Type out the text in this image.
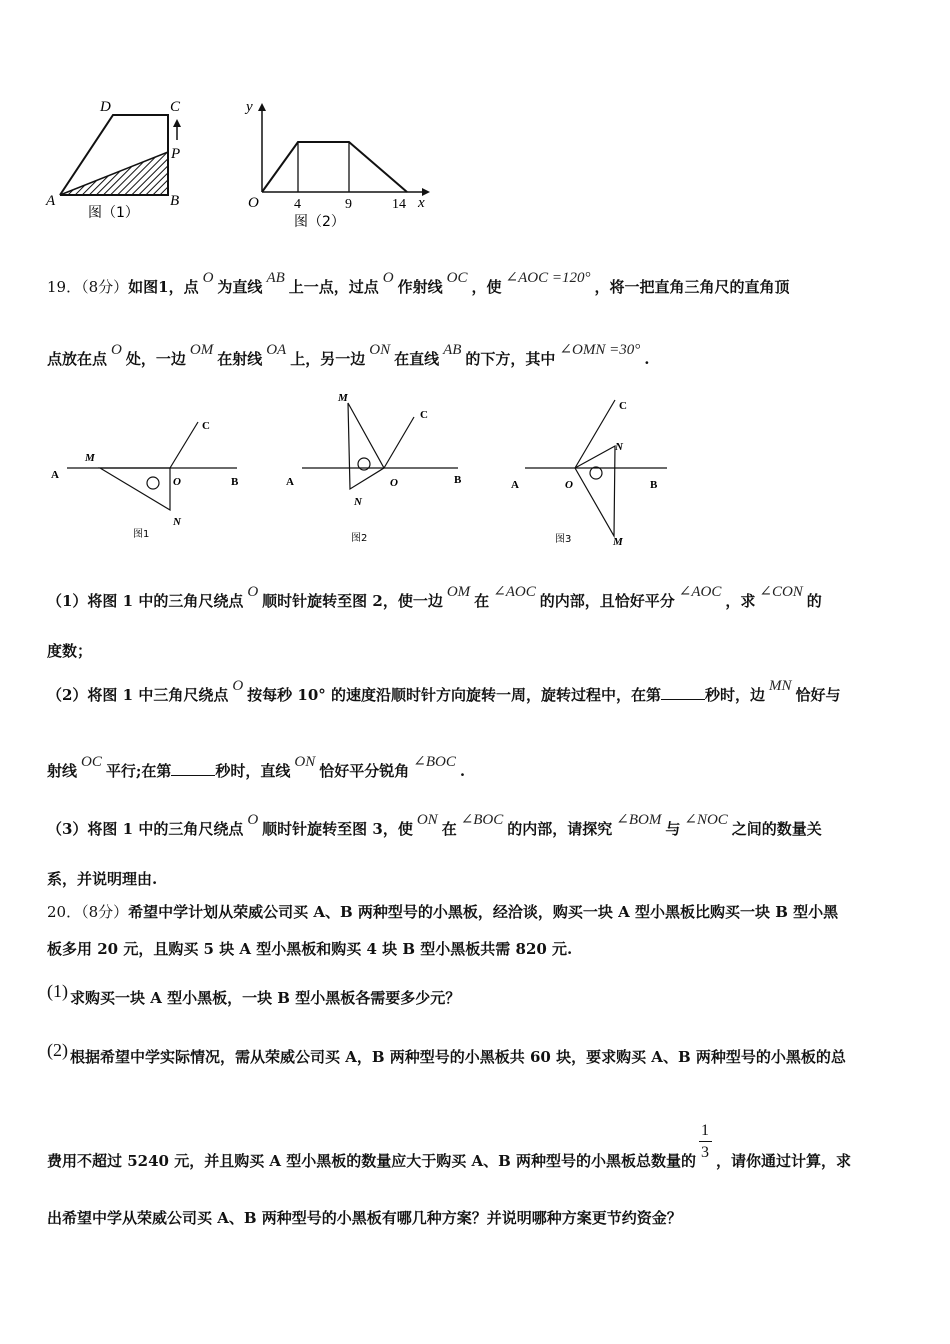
D	C
P
A	B
图（1）
y
x
O	4	9	14
图（2）
19．（8分）如图1，点 O 为直线 AB 上一点，过点 O 作射线 OC ，使 ∠AOC =120° ，将一把直角三角尺的直角顶
点放在点 O 处，一边 OM 在射线 OA 上，另一边 ON 在直线 AB 的下方，其中 ∠OMN =30° .
A
M
O	B
C
N
图1
M
C
A
N
O	B
图2
C
N
A	O	B
M
图3
（1）将图 1 中的三角尺绕点 O 顺时针旋转至图 2，使一边 OM 在 ∠AOC 的内部，且恰好平分 ∠AOC ，求 ∠CON 的
度数；
（2）将图 1 中三角尺绕点 O 按每秒 10° 的速度沿顺时针方向旋转一周，旋转过程中，在第	秒时，边 MN 恰好与
射线 OC 平行;在第	秒时，直线 ON 恰好平分锐角 ∠BOC .
（3）将图 1 中的三角尺绕点 O 顺时针旋转至图 3，使 ON 在 ∠BOC 的内部，请探究 ∠BOM 与 ∠NOC 之间的数量关
系，并说明理由.
20．（8分）希望中学计划从荣威公司买 A、B 两种型号的小黑板，经洽谈，购买一块 A 型小黑板比购买一块 B 型小黑
板多用 20 元，且购买 5 块 A 型小黑板和购买 4 块 B 型小黑板共需 820 元.
(1) 求购买一块 A 型小黑板，一块 B 型小黑板各需要多少元？
(2) 根据希望中学实际情况，需从荣威公司买 A，B 两种型号的小黑板共 60 块，要求购买 A、B 两种型号的小黑板的总
费用不超过 5240 元，并且购买 A 型小黑板的数量应大于购买 A、B 两种型号的小黑板总数量的 $\frac{1}{3}$ ，请你通过计算，求
出希望中学从荣威公司买 A、B 两种型号的小黑板有哪几种方案？并说明哪种方案更节约资金？
